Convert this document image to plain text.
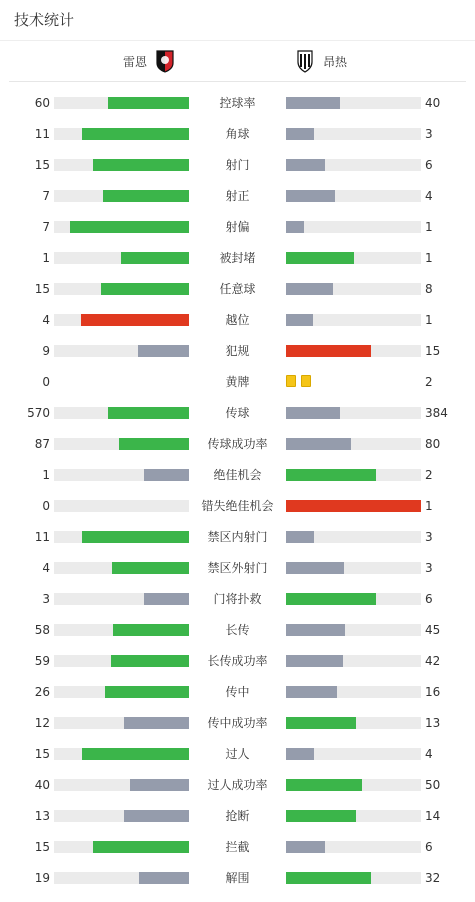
技术统计
雷恩	昂热
60	控球率	40
11	角球	3
15	射门	6
7	射正	4
7	射偏	1
1	被封堵	1
15	任意球	8
4	越位	1
9	犯规	15
0	黄牌	2
570	传球	384
87	传球成功率	80
1	绝佳机会	2
0	错失绝佳机会	1
11	禁区内射门	3
4	禁区外射门	3
3	门将扑救	6
58	长传	45
59	长传成功率	42
26	传中	16
12	传中成功率	13
15	过人	4
40	过人成功率	50
13	抢断	14
15	拦截	6
19	解围	32
